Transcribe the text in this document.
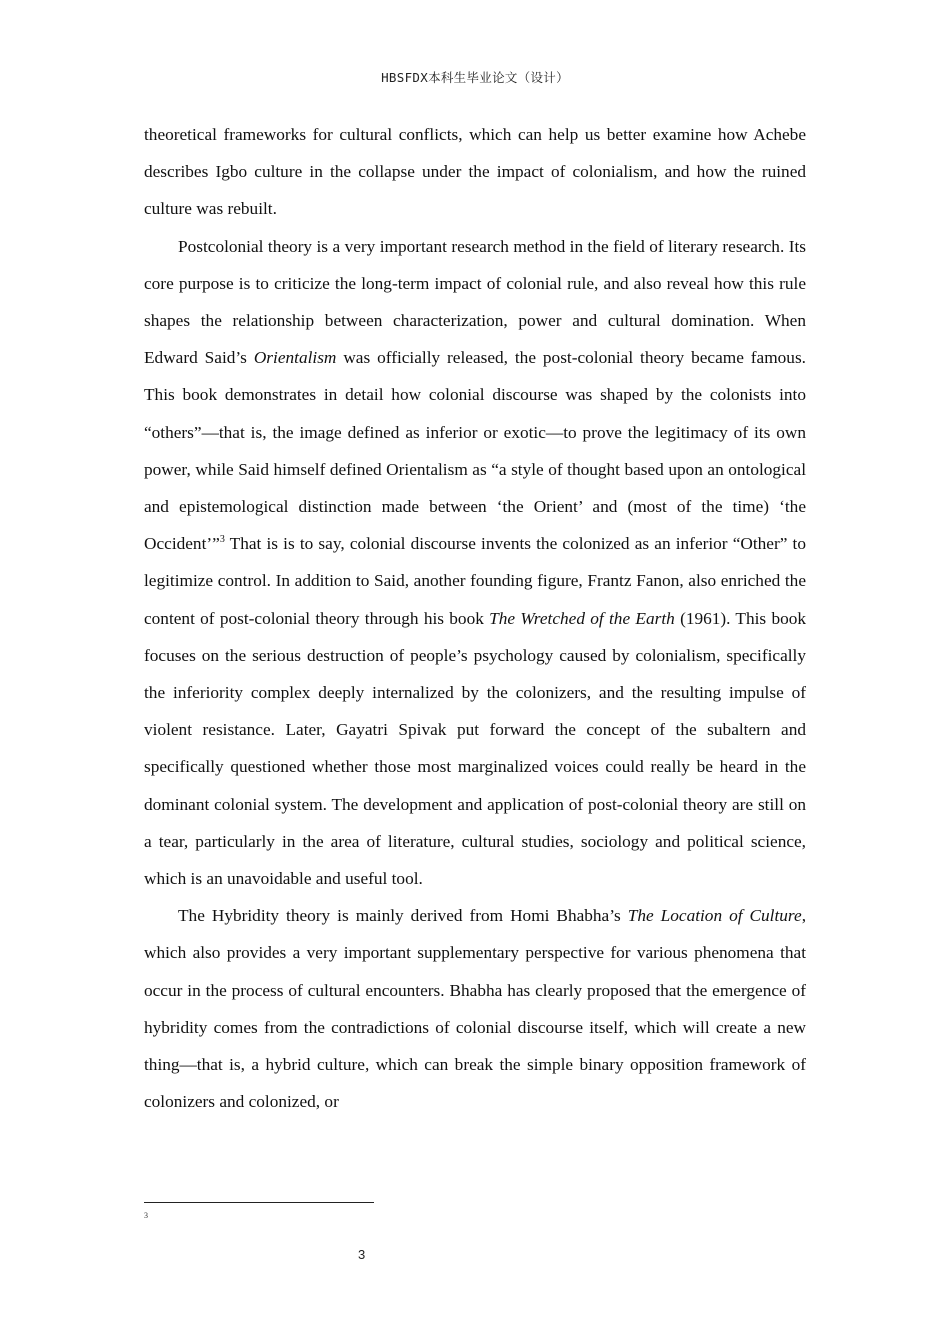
HBSFDX本科生毕业论文（设计）

theoretical frameworks for cultural conflicts, which can help us better examine how Achebe describes Igbo culture in the collapse under the impact of colonialism, and how the ruined culture was rebuilt.

Postcolonial theory is a very important research method in the field of literary research. Its core purpose is to criticize the long-term impact of colonial rule, and also reveal how this rule shapes the relationship between characterization, power and cultural domination. When Edward Said’s Orientalism was officially released, the post-colonial theory became famous. This book demonstrates in detail how colonial discourse was shaped by the colonists into “others”—that is, the image defined as inferior or exotic—to prove the legitimacy of its own power, while Said himself defined Orientalism as “a style of thought based upon an ontological and epistemological distinction made between ‘the Orient’ and (most of the time) ‘the Occident’”$^3$ That is is to say, colonial discourse invents the colonized as an inferior “Other” to legitimize control. In addition to Said, another founding figure, Frantz Fanon, also enriched the content of post-colonial theory through his book The Wretched of the Earth (1961). This book focuses on the serious destruction of people’s psychology caused by colonialism, specifically the inferiority complex deeply internalized by the colonizers, and the resulting impulse of violent resistance. Later, Gayatri Spivak put forward the concept of the subaltern and specifically questioned whether those most marginalized voices could really be heard in the dominant colonial system. The development and application of post-colonial theory are still on a tear, particularly in the area of literature, cultural studies, sociology and political science, which is an unavoidable and useful tool.

The Hybridity theory is mainly derived from Homi Bhabha’s The Location of Culture, which also provides a very important supplementary perspective for various phenomena that occur in the process of cultural encounters. Bhabha has clearly proposed that the emergence of hybridity comes from the contradictions of colonial discourse itself, which will create a new thing—that is, a hybrid culture, which can break the simple binary opposition framework of colonizers and colonized, or

3
3
